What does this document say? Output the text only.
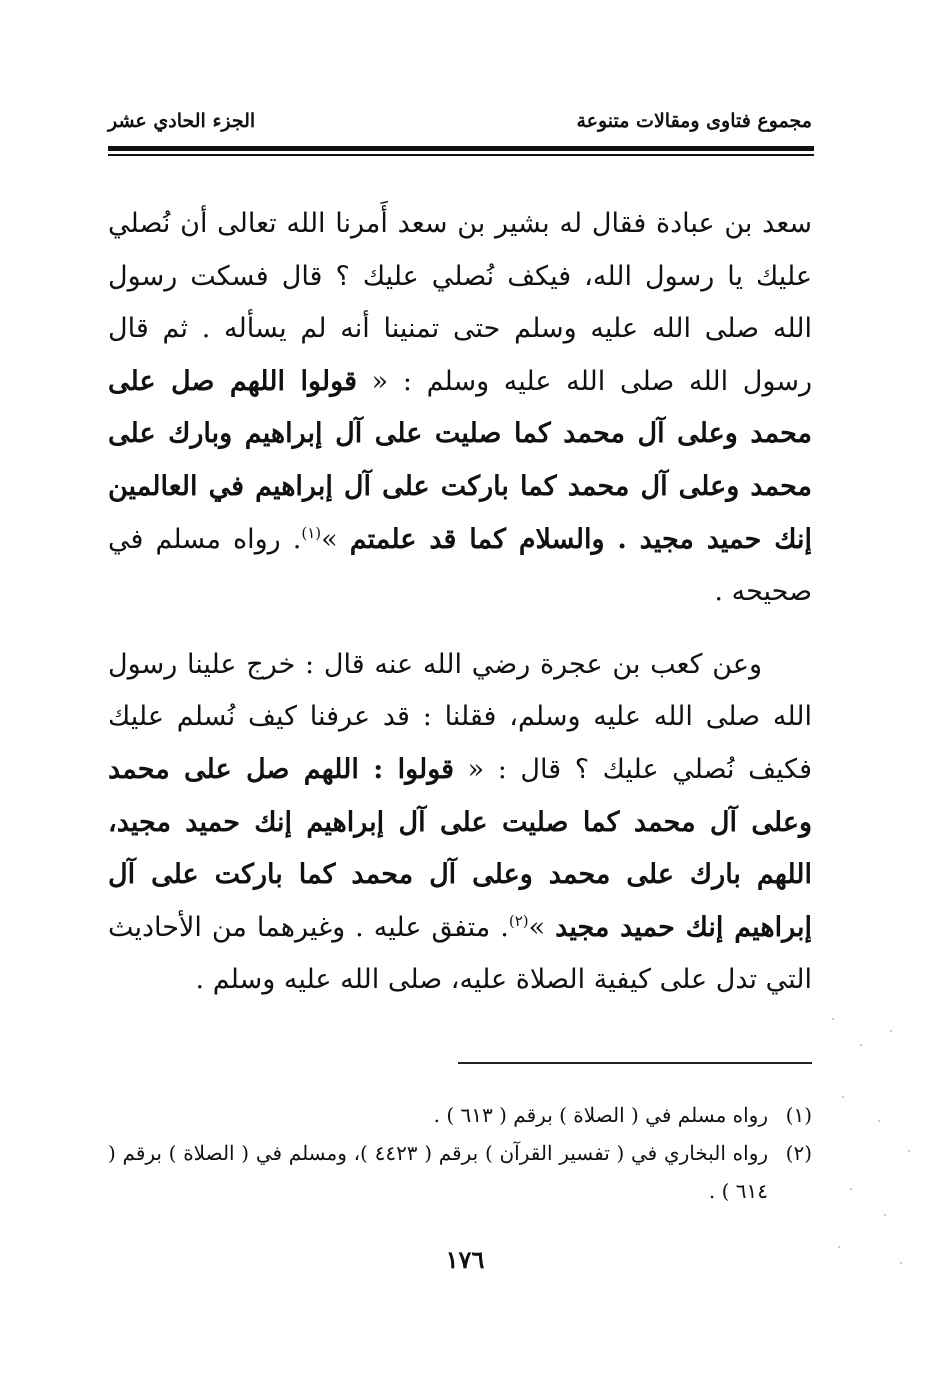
مجموع فتاوى ومقالات متنوعة
الجزء الحادي عشر

سعد بن عبادة فقال له بشير بن سعد أَمرنا الله تعالى أن نُصلي عليك يا رسول الله، فيكف نُصلي عليك ؟ قال فسكت رسول الله صلى الله عليه وسلم حتى تمنينا أنه لم يسأله . ثم قال رسول الله صلى الله عليه وسلم : « قولوا اللهم صل على محمد وعلى آل محمد كما صليت على آل إبراهيم وبارك على محمد وعلى آل محمد كما باركت على آل إبراهيم في العالمين إنك حميد مجيد . والسلام كما قد علمتم »$^{(١)}$. رواه مسلم في صحيحه .

وعن كعب بن عجرة رضي الله عنه قال : خرج علينا رسول الله صلى الله عليه وسلم، فقلنا : قد عرفنا كيف نُسلم عليك فكيف نُصلي عليك ؟ قال : « قولوا : اللهم صل على محمد وعلى آل محمد كما صليت على آل إبراهيم إنك حميد مجيد، اللهم بارك على محمد وعلى آل محمد كما باركت على آل إبراهيم إنك حميد مجيد »$^{(٢)}$. متفق عليه . وغيرهما من الأحاديث التي تدل على كيفية الصلاة عليه، صلى الله عليه وسلم .

(١)
رواه مسلم في ( الصلاة ) برقم ( ٦١٣ ) .
(٢)
رواه البخاري في ( تفسير القرآن ) برقم ( ٤٤٢٣ )، ومسلم في ( الصلاة ) برقم ( ٦١٤ ) .
١٧٦
